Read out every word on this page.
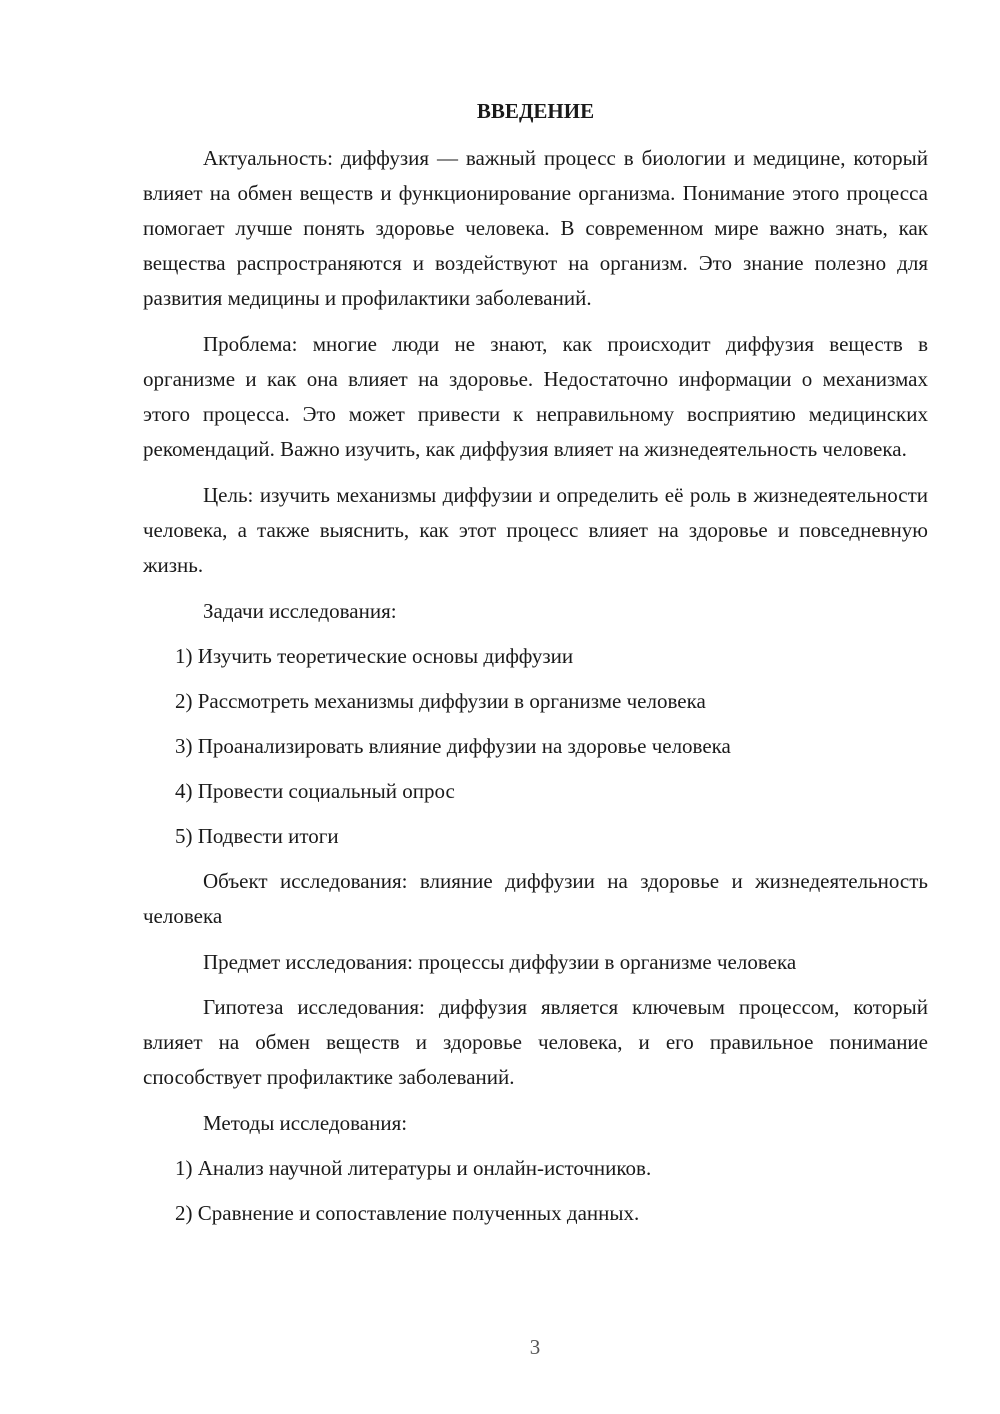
ВВЕДЕНИЕ

Актуальность: диффузия — важный процесс в биологии и медицине, который влияет на обмен веществ и функционирование организма. Понимание этого процесса помогает лучше понять здоровье человека. В современном мире важно знать, как вещества распространяются и воздействуют на организм. Это знание полезно для развития медицины и профилактики заболеваний.

Проблема: многие люди не знают, как происходит диффузия веществ в организме и как она влияет на здоровье. Недостаточно информации о механизмах этого процесса. Это может привести к неправильному восприятию медицинских рекомендаций. Важно изучить, как диффузия влияет на жизнедеятельность человека.

Цель: изучить механизмы диффузии и определить её роль в жизнедеятельности человека, а также выяснить, как этот процесс влияет на здоровье и повседневную жизнь.

Задачи исследования:

1) Изучить теоретические основы диффузии
2) Рассмотреть механизмы диффузии в организме человека
3) Проанализировать влияние диффузии на здоровье человека
4) Провести социальный опрос
5) Подвести итоги

Объект исследования: влияние диффузии на здоровье и жизнедеятельность человека

Предмет исследования: процессы диффузии в организме человека

Гипотеза исследования: диффузия является ключевым процессом, который влияет на обмен веществ и здоровье человека, и его правильное понимание способствует профилактике заболеваний.

Методы исследования:

1) Анализ научной литературы и онлайн-источников.
2) Сравнение и сопоставление полученных данных.
3
